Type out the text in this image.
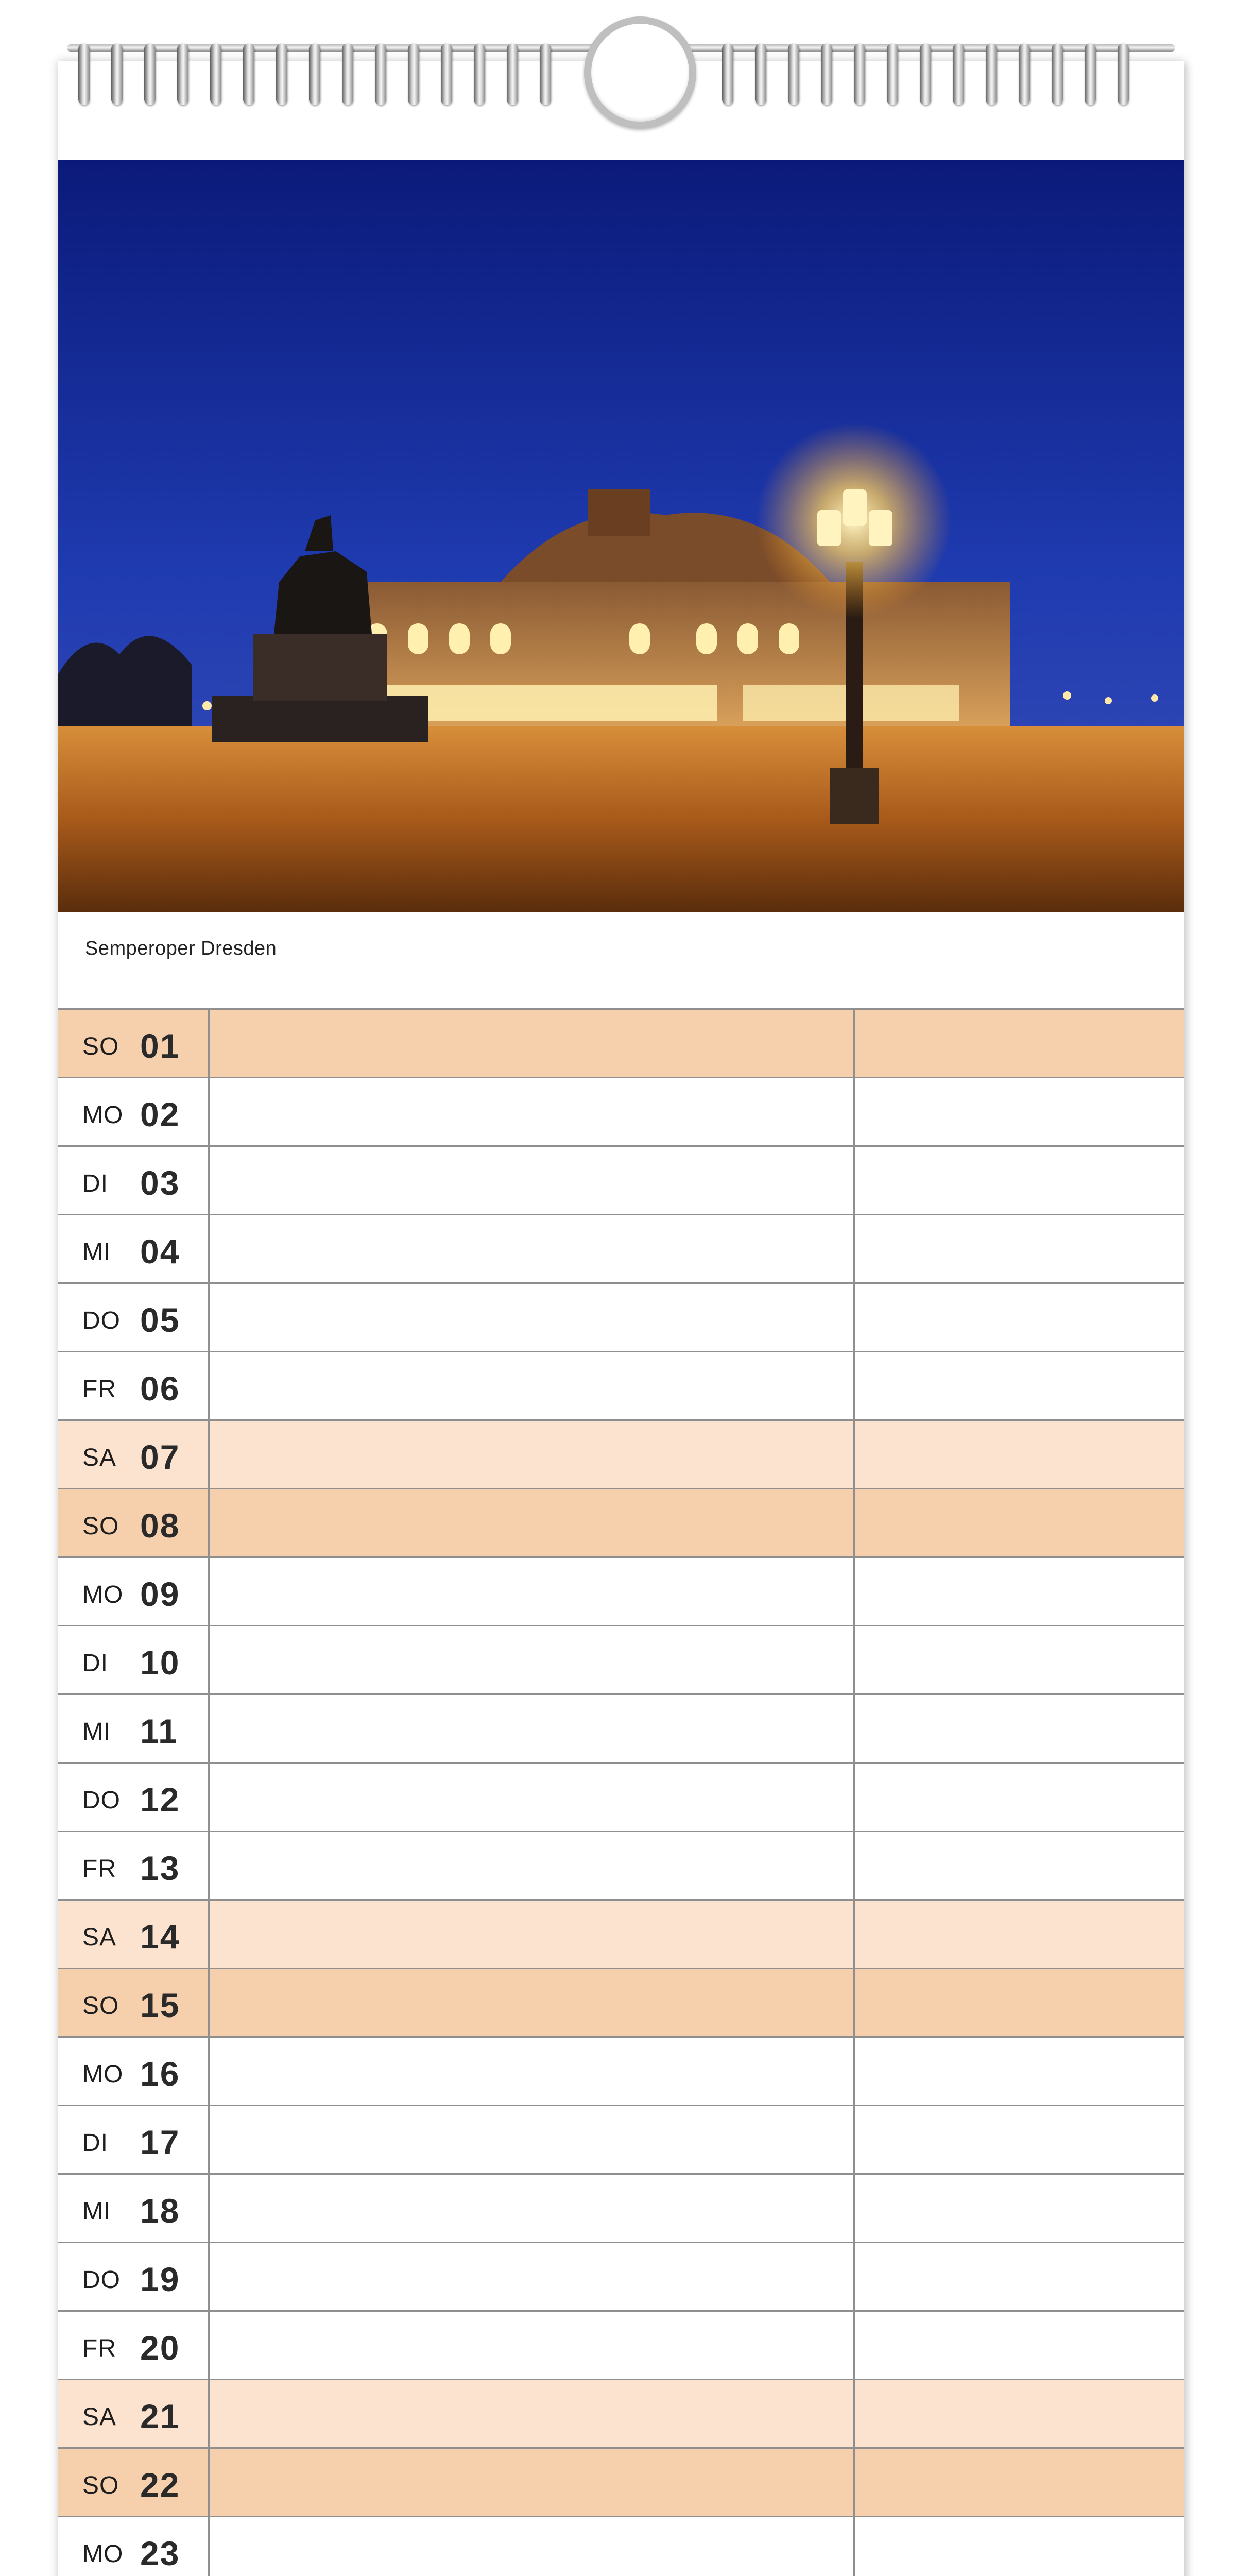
Semperoper Dresden
SO 01
MO 02
DI 03
MI 04
DO 05
FR 06
SA 07
SO 08
MO 09
DI 10
MI 11
DO 12
FR 13
SA 14
SO 15
MO 16
DI 17
MI 18
DO 19
FR 20
SA 21
SO 22
MO 23
